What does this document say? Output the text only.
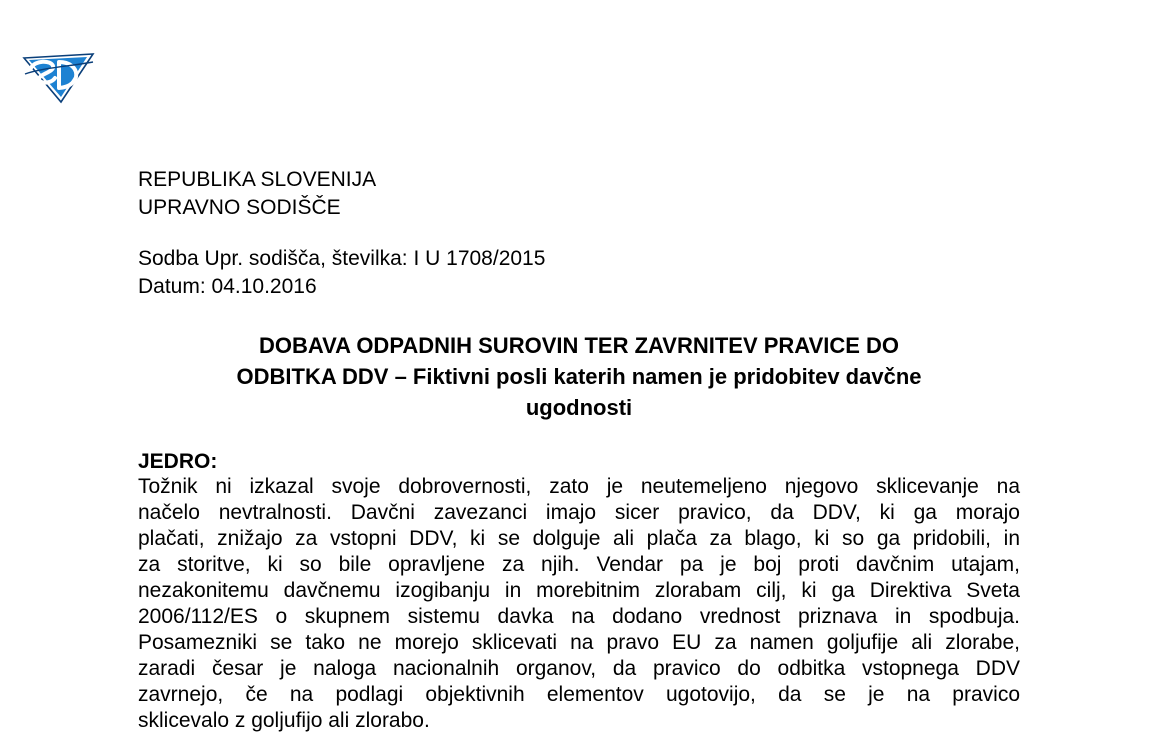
REPUBLIKA SLOVENIJA
UPRAVNO SODIŠČE
Sodba Upr. sodišča, številka: I U 1708/2015
Datum: 04.10.2016
DOBAVA ODPADNIH SUROVIN TER ZAVRNITEV PRAVICE DO
ODBITKA DDV – Fiktivni posli katerih namen je pridobitev davčne
ugodnosti
JEDRO:
Tožnik ni izkazal svoje dobrovernosti, zato je neutemeljeno njegovo sklicevanje na
načelo nevtralnosti. Davčni zavezanci imajo sicer pravico, da DDV, ki ga morajo
plačati, znižajo za vstopni DDV, ki se dolguje ali plača za blago, ki so ga pridobili, in
za storitve, ki so bile opravljene za njih. Vendar pa je boj proti davčnim utajam,
nezakonitemu davčnemu izogibanju in morebitnim zlorabam cilj, ki ga Direktiva Sveta
2006/112/ES o skupnem sistemu davka na dodano vrednost priznava in spodbuja.
Posamezniki se tako ne morejo sklicevati na pravo EU za namen goljufije ali zlorabe,
zaradi česar je naloga nacionalnih organov, da pravico do odbitka vstopnega DDV
zavrnejo, če na podlagi objektivnih elementov ugotovijo, da se je na pravico
sklicevalo z goljufijo ali zlorabo.
